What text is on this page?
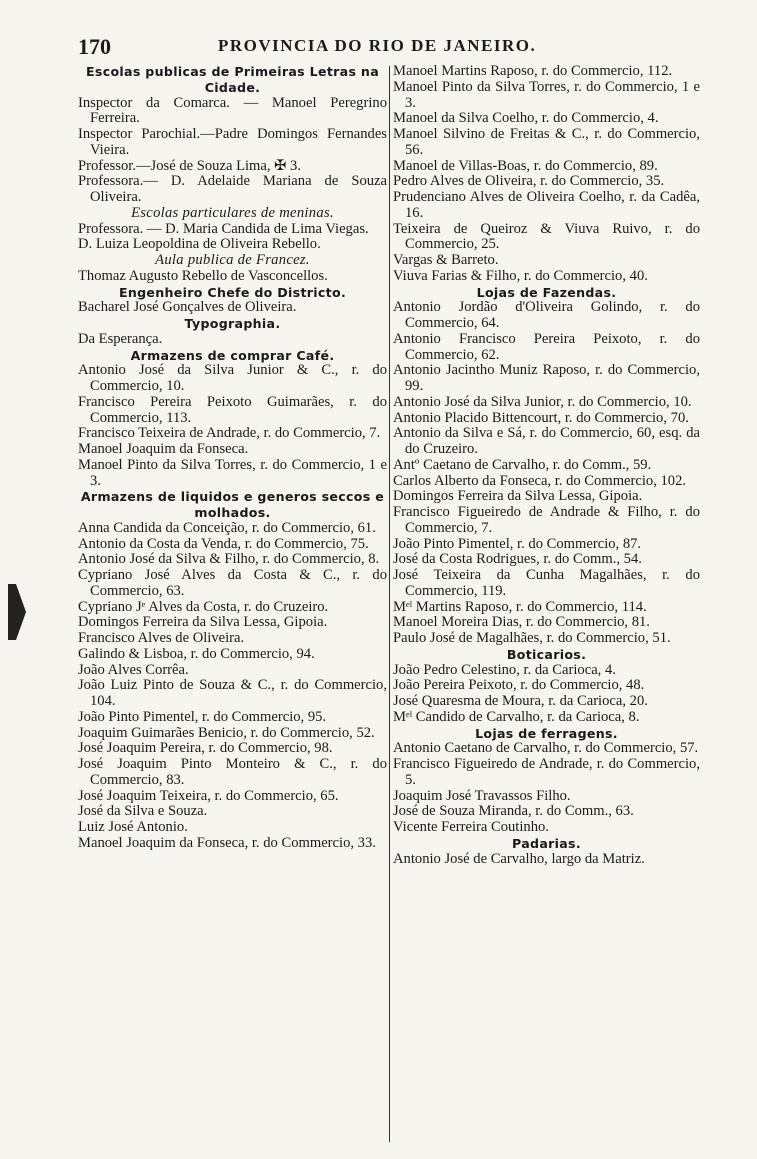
170	PROVINCIA DO RIO DE JANEIRO.
Escolas publicas de Primeiras Letras na Cidade.
Inspector da Comarca. — Manoel Peregrino Ferreira.
Inspector Parochial.—Padre Domingos Fernandes Vieira.
Professor.—José de Souza Lima, ✠ 3.
Professora.— D. Adelaide Mariana de Souza Oliveira.
Escolas particulares de meninas.
Professora. — D. Maria Candida de Lima Viegas.
D. Luiza Leopoldina de Oliveira Rebello.
Aula publica de Francez.
Thomaz Augusto Rebello de Vasconcellos.
Engenheiro Chefe do Districto.
Bacharel José Gonçalves de Oliveira.
Typographia.
Da Esperança.
Armazens de comprar Café.
Antonio José da Silva Junior & C., r. do Commercio, 10.
Francisco Pereira Peixoto Guimarães, r. do Commercio, 113.
Francisco Teixeira de Andrade, r. do Commercio, 7.
Manoel Joaquim da Fonseca.
Manoel Pinto da Silva Torres, r. do Commercio, 1 e 3.
Armazens de liquidos e generos seccos e molhados.
Anna Candida da Conceição, r. do Commercio, 61.
Antonio da Costa da Venda, r. do Commercio, 75.
Antonio José da Silva & Filho, r. do Commercio, 8.
Cypriano José Alves da Costa & C., r. do Commercio, 63.
Cypriano Jᵉ Alves da Costa, r. do Cruzeiro.
Domingos Ferreira da Silva Lessa, Gipoia.
Francisco Alves de Oliveira.
Galindo & Lisboa, r. do Commercio, 94.
João Alves Corrêa.
João Luiz Pinto de Souza & C., r. do Commercio, 104.
João Pinto Pimentel, r. do Commercio, 95.
Joaquim Guimarães Benicio, r. do Commercio, 52.
José Joaquim Pereira, r. do Commercio, 98.
José Joaquim Pinto Monteiro & C., r. do Commercio, 83.
José Joaquim Teixeira, r. do Commercio, 65.
José da Silva e Souza.
Luiz José Antonio.
Manoel Joaquim da Fonseca, r. do Commercio, 33.
Manoel Martins Raposo, r. do Commercio, 112.
Manoel Pinto da Silva Torres, r. do Commercio, 1 e 3.
Manoel da Silva Coelho, r. do Commercio, 4.
Manoel Silvino de Freitas & C., r. do Commercio, 56.
Manoel de Villas-Boas, r. do Commercio, 89.
Pedro Alves de Oliveira, r. do Commercio, 35.
Prudenciano Alves de Oliveira Coelho, r. da Cadêa, 16.
Teixeira de Queiroz & Viuva Ruivo, r. do Commercio, 25.
Vargas & Barreto.
Viuva Farias & Filho, r. do Commercio, 40.
Lojas de Fazendas.
Antonio Jordão d'Oliveira Golindo, r. do Commercio, 64.
Antonio Francisco Pereira Peixoto, r. do Commercio, 62.
Antonio Jacintho Muniz Raposo, r. do Commercio, 99.
Antonio José da Silva Junior, r. do Commercio, 10.
Antonio Placido Bittencourt, r. do Commercio, 70.
Antonio da Silva e Sá, r. do Commercio, 60, esq. da do Cruzeiro.
Antº Caetano de Carvalho, r. do Comm., 59.
Carlos Alberto da Fonseca, r. do Commercio, 102.
Domingos Ferreira da Silva Lessa, Gipoia.
Francisco Figueiredo de Andrade & Filho, r. do Commercio, 7.
João Pinto Pimentel, r. do Commercio, 87.
José da Costa Rodrigues, r. do Comm., 54.
José Teixeira da Cunha Magalhães, r. do Commercio, 119.
Mᵉˡ Martins Raposo, r. do Commercio, 114.
Manoel Moreira Dias, r. do Commercio, 81.
Paulo José de Magalhães, r. do Commercio, 51.
Boticarios.
João Pedro Celestino, r. da Carioca, 4.
João Pereira Peixoto, r. do Commercio, 48.
José Quaresma de Moura, r. da Carioca, 20.
Mᵉˡ Candido de Carvalho, r. da Carioca, 8.
Lojas de ferragens.
Antonio Caetano de Carvalho, r. do Commercio, 57.
Francisco Figueiredo de Andrade, r. do Commercio, 5.
Joaquim José Travassos Filho.
José de Souza Miranda, r. do Comm., 63.
Vicente Ferreira Coutinho.
Padarias.
Antonio José de Carvalho, largo da Matriz.
